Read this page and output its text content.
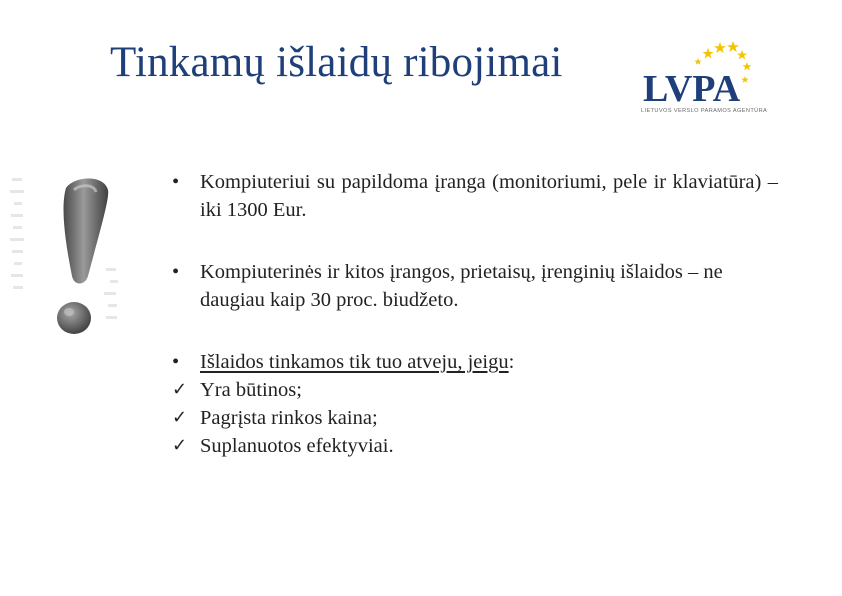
Tinkamų išlaidų ribojimai
LVPA
LIETUVOS VERSLO PARAMOS AGENTŪRA
•	Kompiuteriui su papildoma įranga (monitoriumi, pele ir klaviatūra) – iki 1300 Eur.
•	Kompiuterinės ir kitos įrangos, prietaisų, įrenginių išlaidos – ne daugiau kaip 30 proc. biudžeto.
•	Išlaidos tinkamos tik tuo atveju, jeigu:
✓ Yra būtinos;
✓ Pagrįsta rinkos kaina;
✓ Suplanuotos efektyviai.
